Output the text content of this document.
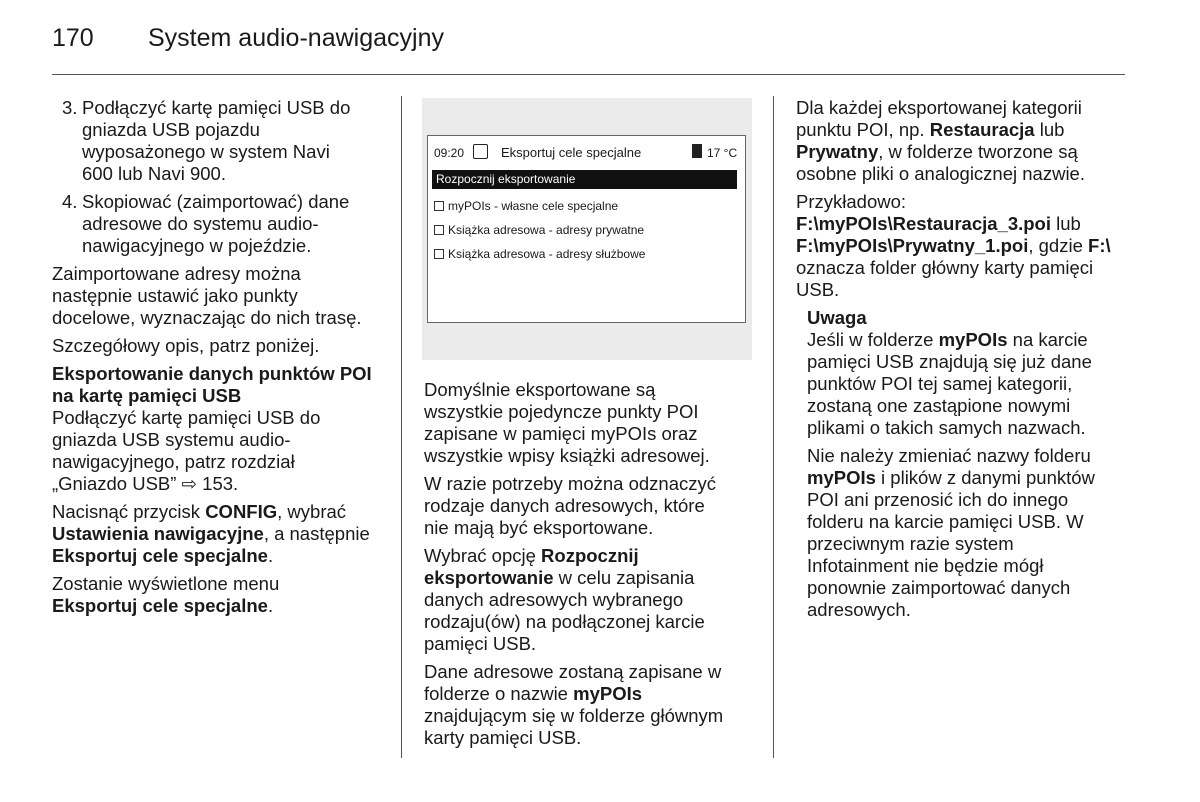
170 System audio-nawigacyjny
3. Podłączyć kartę pamięci USB do
gniazda USB pojazdu
wyposażonego w system Navi
600 lub Navi 900.
4. Skopiować (zaimportować) dane
adresowe do systemu audio-
nawigacyjnego w pojeździe.

Zaimportowane adresy można
następnie ustawić jako punkty
docelowe, wyznaczając do nich trasę.

Szczegółowy opis, patrz poniżej.

Eksportowanie danych punktów POI
na kartę pamięci USB

Podłączyć kartę pamięci USB do
gniazda USB systemu audio-
nawigacyjnego, patrz rozdział
„Gniazdo USB” ⇨ 153.

Nacisnąć przycisk CONFIG, wybrać
Ustawienia nawigacyjne, a następnie
Eksportuj cele specjalne.

Zostanie wyświetlone menu
Eksportuj cele specjalne.

09:20	Eksportuj cele specjalne	17 °C
Rozpocznij eksportowanie
myPOIs - własne cele specjalne
Książka adresowa - adresy prywatne
Książka adresowa - adresy służbowe

Domyślnie eksportowane są
wszystkie pojedyncze punkty POI
zapisane w pamięci myPOIs oraz
wszystkie wpisy książki adresowej.

W razie potrzeby można odznaczyć
rodzaje danych adresowych, które
nie mają być eksportowane.

Wybrać opcję Rozpocznij
eksportowanie w celu zapisania
danych adresowych wybranego
rodzaju(ów) na podłączonej karcie
pamięci USB.

Dane adresowe zostaną zapisane w
folderze o nazwie myPOIs
znajdującym się w folderze głównym
karty pamięci USB.

Dla każdej eksportowanej kategorii
punktu POI, np. Restauracja lub
Prywatny, w folderze tworzone są
osobne pliki o analogicznej nazwie.

Przykładowo:

F:\myPOIs\Restauracja_3.poi lub
F:\myPOIs\Prywatny_1.poi, gdzie F:\
oznacza folder główny karty pamięci
USB.

Uwaga

Jeśli w folderze myPOIs na karcie
pamięci USB znajdują się już dane
punktów POI tej samej kategorii,
zostaną one zastąpione nowymi
plikami o takich samych nazwach.

Nie należy zmieniać nazwy folderu
myPOIs i plików z danymi punktów
POI ani przenosić ich do innego
folderu na karcie pamięci USB. W
przeciwnym razie system
Infotainment nie będzie mógł
ponownie zaimportować danych
adresowych.
